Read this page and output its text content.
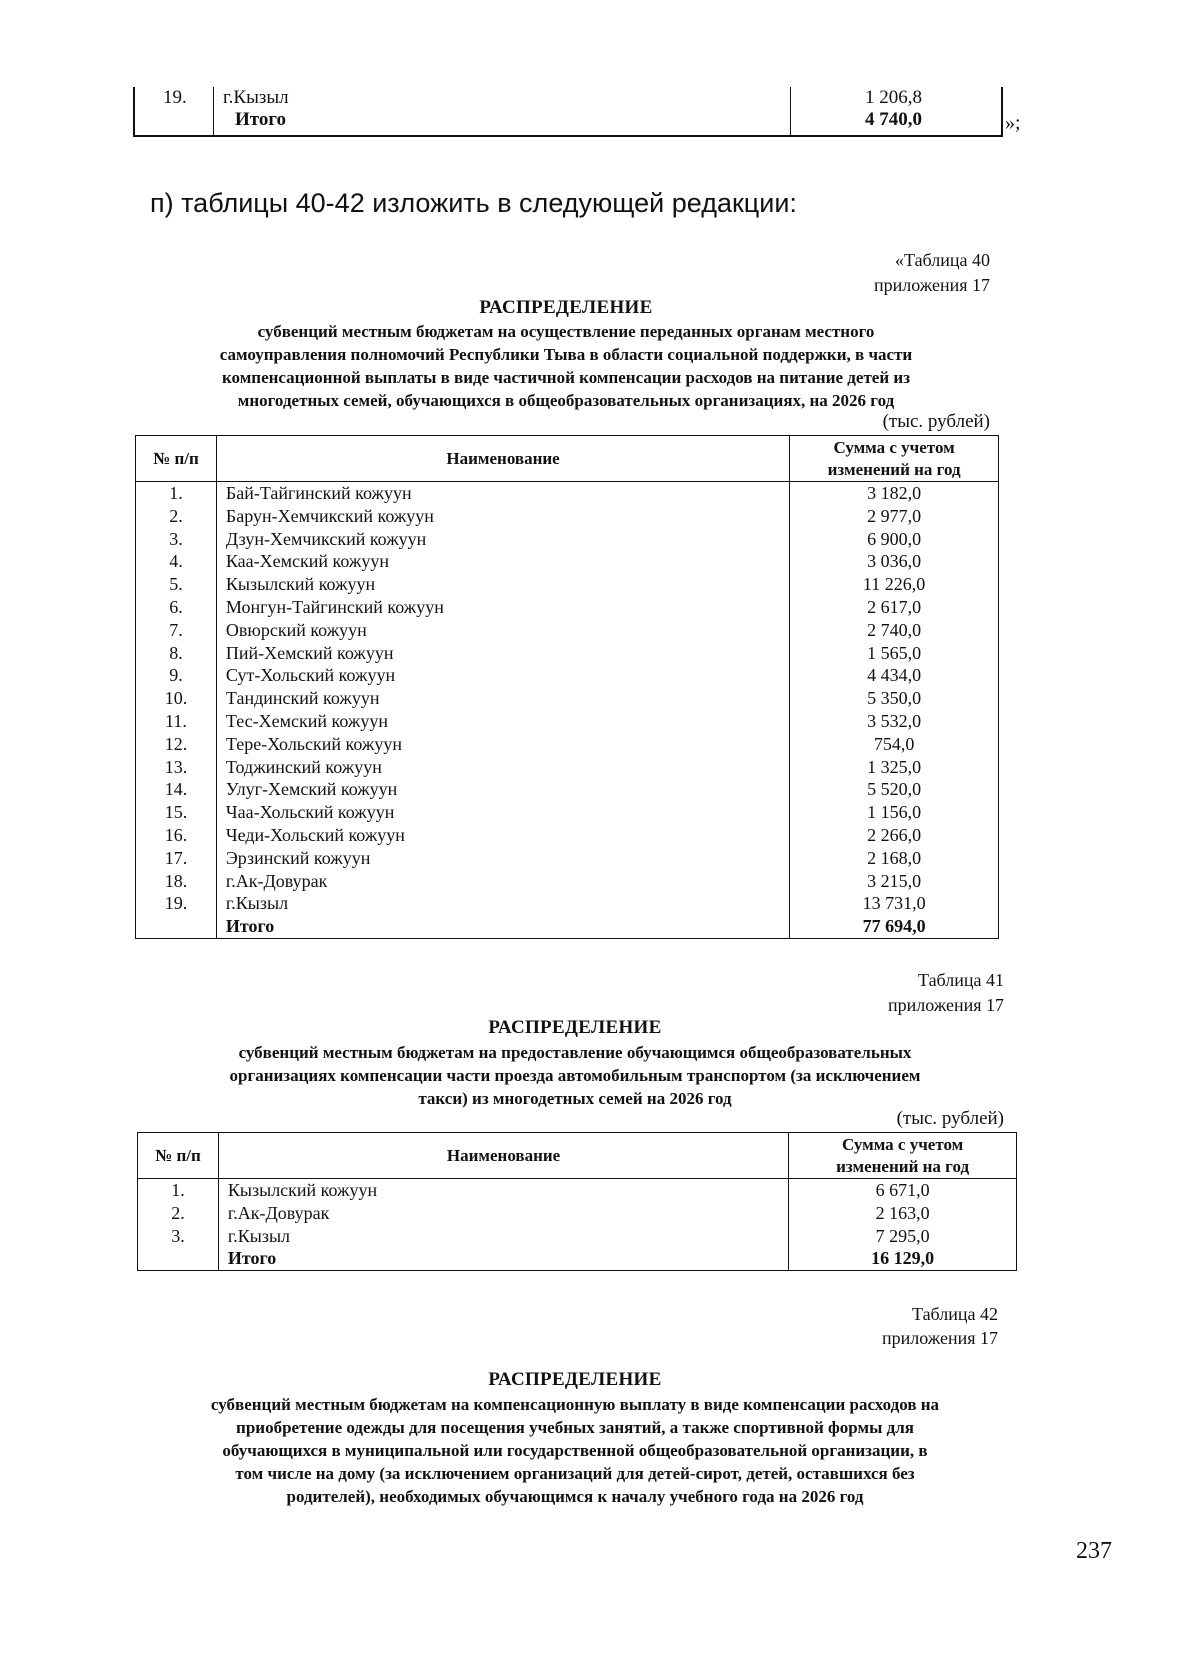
19. г.Кызыл	1 206,8
Итого	4 740,0	»;
п) таблицы 40-42 изложить в следующей редакции:
«Таблица 40
приложения 17
РАСПРЕДЕЛЕНИЕ
субвенций местным бюджетам на осуществление переданных органам местного
самоуправления полномочий Республики Тыва в области социальной поддержки, в части
компенсационной выплаты в виде частичной компенсации расходов на питание детей из
многодетных семей, обучающихся в общеобразовательных организациях, на 2026 год
(тыс. рублей)
№ п/п	Наименование	Сумма с учетом
изменений на год

1.	Бай-Тайгинский кожуун	3 182,0
2.	Барун-Хемчикский кожуун	2 977,0
3.	Дзун-Хемчикский кожуун	6 900,0
4.	Каа-Хемский кожуун	3 036,0
5.	Кызылский кожуун	11 226,0
6.	Монгун-Тайгинский кожуун	2 617,0
7.	Овюрский кожуун	2 740,0
8.	Пий-Хемский кожуун	1 565,0
9.	Сут-Хольский кожуун	4 434,0
10.	Тандинский кожуун	5 350,0
11.	Тес-Хемский кожуун	3 532,0
12.	Тере-Хольский кожуун	754,0
13.	Тоджинский кожуун	1 325,0
14.	Улуг-Хемский кожуун	5 520,0
15.	Чаа-Хольский кожуун	1 156,0
16.	Чеди-Хольский кожуун	2 266,0
17.	Эрзинский кожуун	2 168,0
18.	г.Ак-Довурак	3 215,0
19.	г.Кызыл	13 731,0
	Итого	77 694,0
Таблица 41
приложения 17
РАСПРЕДЕЛЕНИЕ
субвенций местным бюджетам на предоставление обучающимся общеобразовательных
организациях компенсации части проезда автомобильным транспортом (за исключением
такси) из многодетных семей на 2026 год
(тыс. рублей)
№ п/п	Наименование	Сумма с учетом
изменений на год

1.	Кызылский кожуун	6 671,0
2.	г.Ак-Довурак	2 163,0
3.	г.Кызыл	7 295,0
	Итого	16 129,0
Таблица 42
приложения 17
РАСПРЕДЕЛЕНИЕ
субвенций местным бюджетам на компенсационную выплату в виде компенсации расходов на
приобретение одежды для посещения учебных занятий, а также спортивной формы для
обучающихся в муниципальной или государственной общеобразовательной организации, в
том числе на дому (за исключением организаций для детей-сирот, детей, оставшихся без
родителей), необходимых обучающимся к началу учебного года на 2026 год
237
